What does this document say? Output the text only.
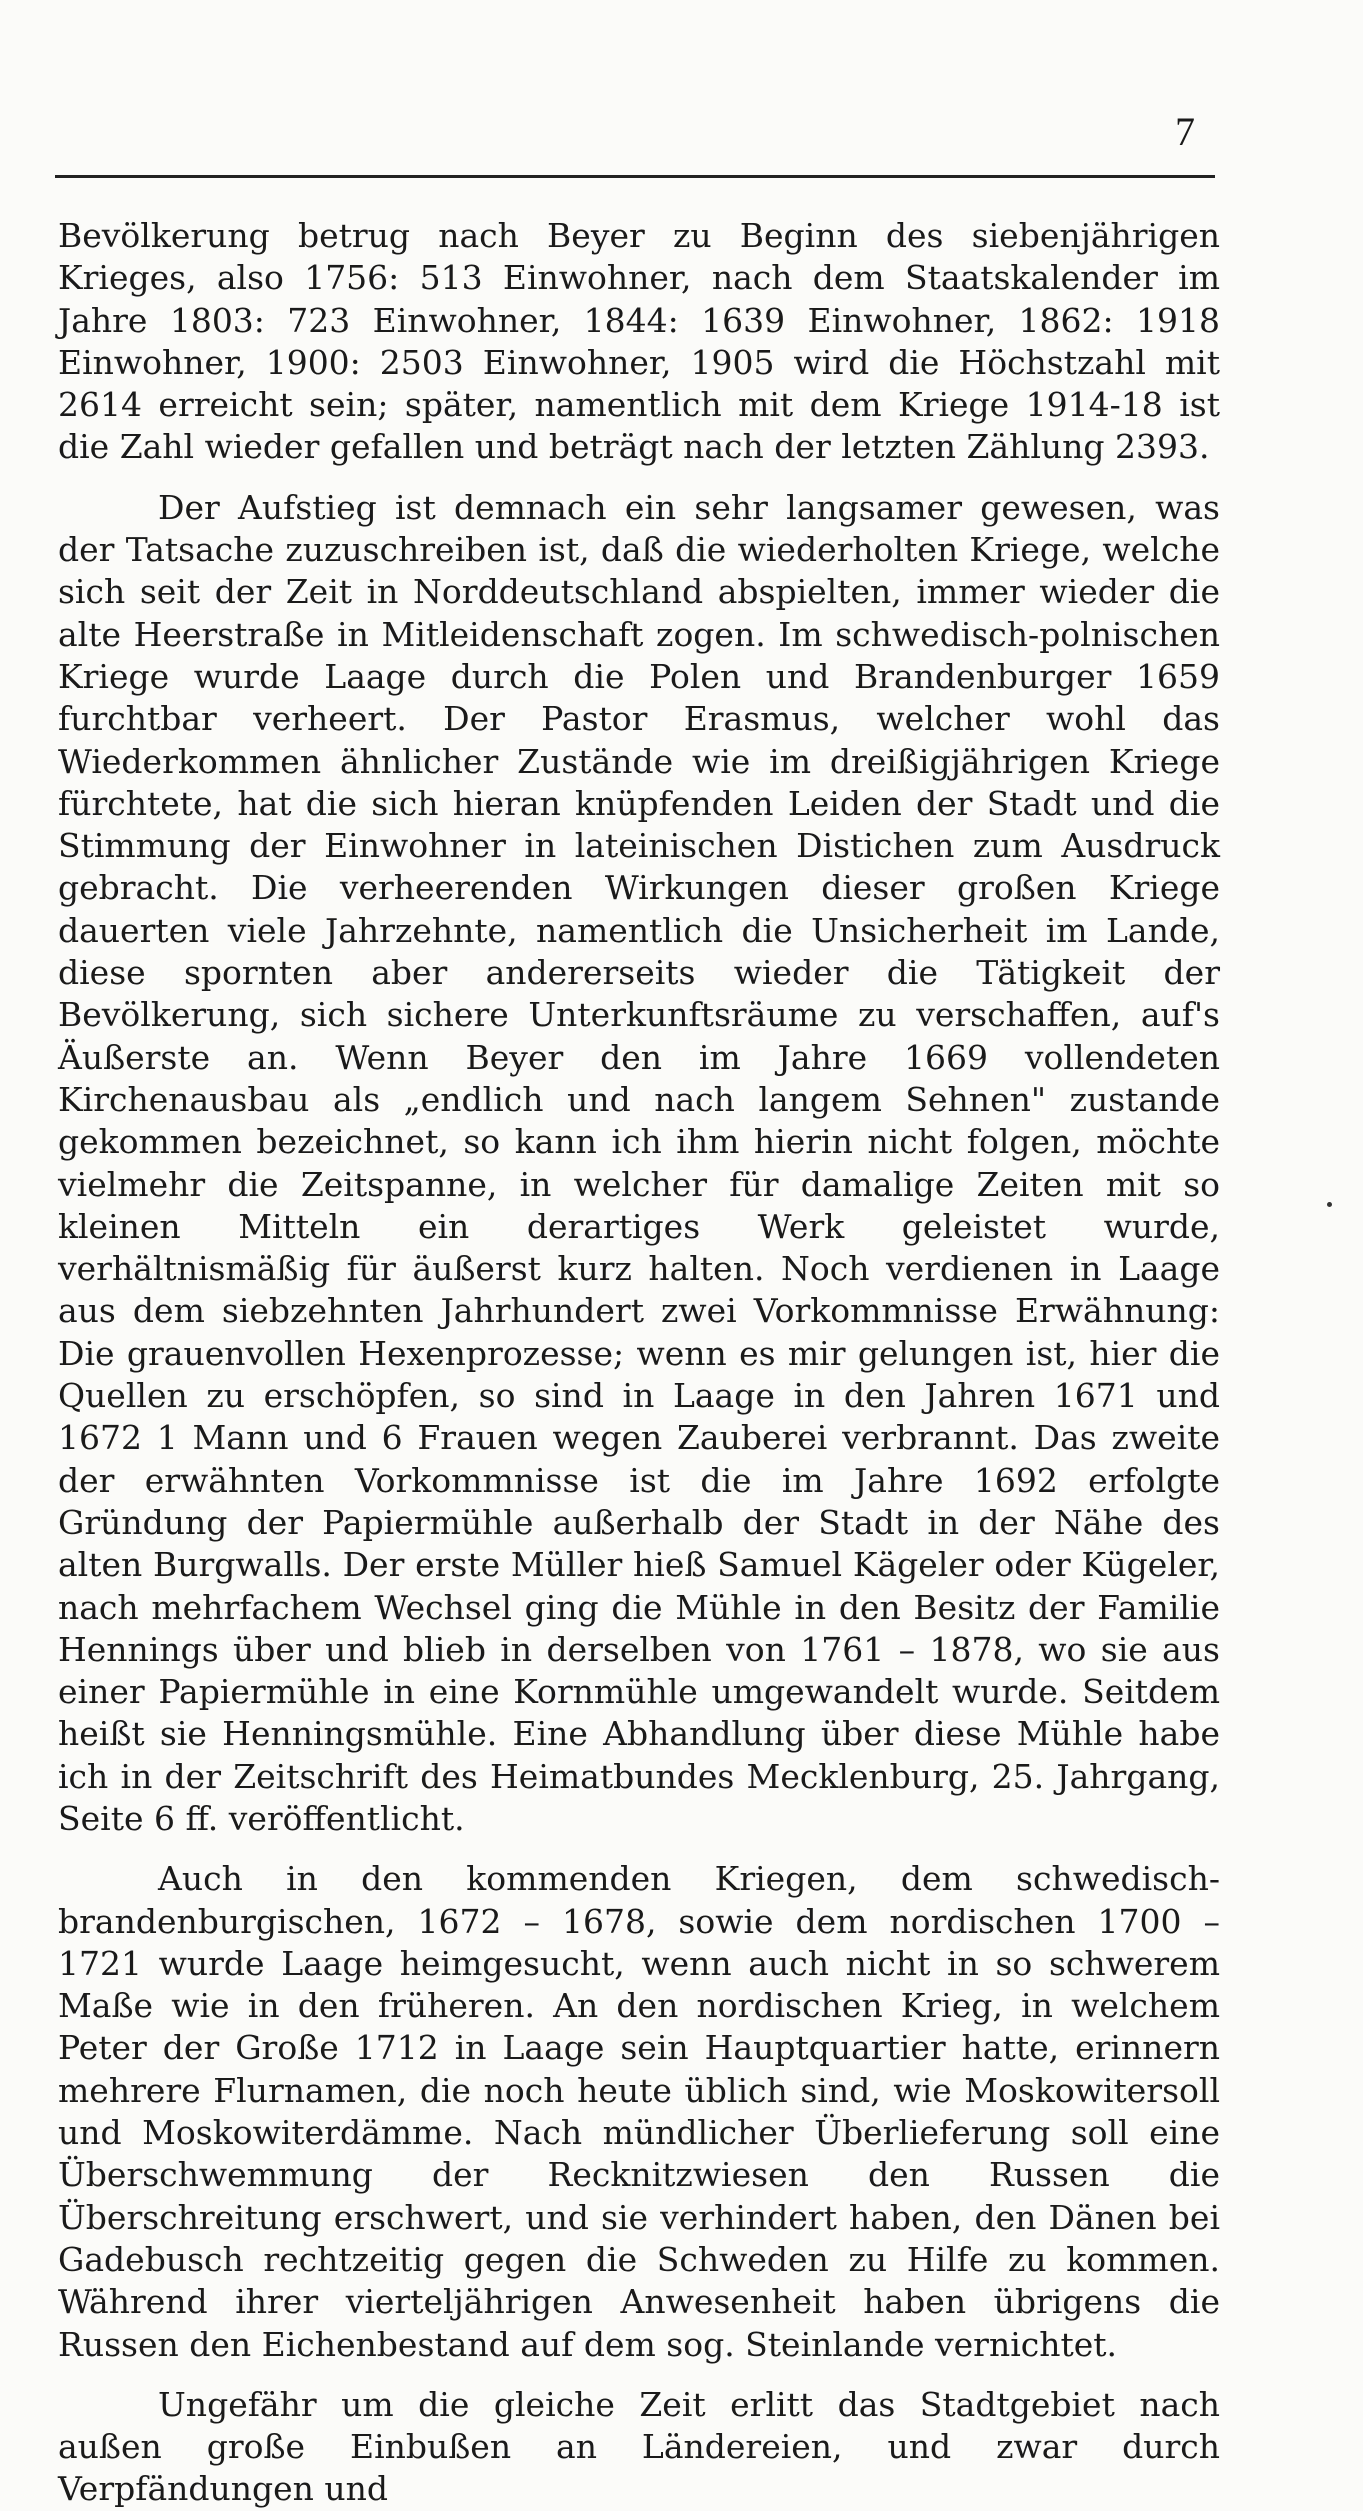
7

Bevölkerung betrug nach Beyer zu Beginn des siebenjährigen Krieges, also 1756: 513 Einwohner, nach dem Staatskalender im Jahre 1803: 723 Einwohner, 1844: 1639 Einwohner, 1862: 1918 Einwohner, 1900: 2503 Einwohner, 1905 wird die Höchstzahl mit 2614 erreicht sein; später, namentlich mit dem Kriege 1914-18 ist die Zahl wieder gefallen und beträgt nach der letzten Zählung 2393.

Der Aufstieg ist demnach ein sehr langsamer gewesen, was der Tatsache zuzuschreiben ist, daß die wiederholten Kriege, welche sich seit der Zeit in Norddeutschland abspielten, immer wieder die alte Heerstraße in Mitleidenschaft zogen. Im schwedisch-polnischen Kriege wurde Laage durch die Polen und Brandenburger 1659 furchtbar verheert. Der Pastor Erasmus, welcher wohl das Wiederkommen ähnlicher Zustände wie im dreißigjährigen Kriege fürchtete, hat die sich hieran knüpfenden Leiden der Stadt und die Stimmung der Einwohner in lateinischen Distichen zum Ausdruck gebracht. Die verheerenden Wirkungen dieser großen Kriege dauerten viele Jahrzehnte, namentlich die Unsicherheit im Lande, diese spornten aber andererseits wieder die Tätigkeit der Bevölkerung, sich sichere Unterkunftsräume zu verschaffen, auf's Äußerste an. Wenn Beyer den im Jahre 1669 vollendeten Kirchenausbau als „endlich und nach langem Sehnen" zustande gekommen bezeichnet, so kann ich ihm hierin nicht folgen, möchte vielmehr die Zeitspanne, in welcher für damalige Zeiten mit so kleinen Mitteln ein derartiges Werk geleistet wurde, verhältnismäßig für äußerst kurz halten. Noch verdienen in Laage aus dem siebzehnten Jahrhundert zwei Vorkommnisse Erwähnung: Die grauenvollen Hexenprozesse; wenn es mir gelungen ist, hier die Quellen zu erschöpfen, so sind in Laage in den Jahren 1671 und 1672 1 Mann und 6 Frauen wegen Zauberei verbrannt. Das zweite der erwähnten Vorkommnisse ist die im Jahre 1692 erfolgte Gründung der Papiermühle außerhalb der Stadt in der Nähe des alten Burgwalls. Der erste Müller hieß Samuel Kägeler oder Kügeler, nach mehrfachem Wechsel ging die Mühle in den Besitz der Familie Hennings über und blieb in derselben von 1761 – 1878, wo sie aus einer Papiermühle in eine Kornmühle umgewandelt wurde. Seitdem heißt sie Henningsmühle. Eine Abhandlung über diese Mühle habe ich in der Zeitschrift des Heimatbundes Mecklenburg, 25. Jahrgang, Seite 6 ff. veröffentlicht.

Auch in den kommenden Kriegen, dem schwedisch-brandenburgischen, 1672 – 1678, sowie dem nordischen 1700 – 1721 wurde Laage heimgesucht, wenn auch nicht in so schwerem Maße wie in den früheren. An den nordischen Krieg, in welchem Peter der Große 1712 in Laage sein Hauptquartier hatte, erinnern mehrere Flurnamen, die noch heute üblich sind, wie Moskowitersoll und Moskowiterdämme. Nach mündlicher Überlieferung soll eine Überschwemmung der Recknitzwiesen den Russen die Überschreitung erschwert, und sie verhindert haben, den Dänen bei Gadebusch rechtzeitig gegen die Schweden zu Hilfe zu kommen. Während ihrer vierteljährigen Anwesenheit haben übrigens die Russen den Eichenbestand auf dem sog. Steinlande vernichtet.

Ungefähr um die gleiche Zeit erlitt das Stadtgebiet nach außen große Einbußen an Ländereien, und zwar durch Verpfändungen und
